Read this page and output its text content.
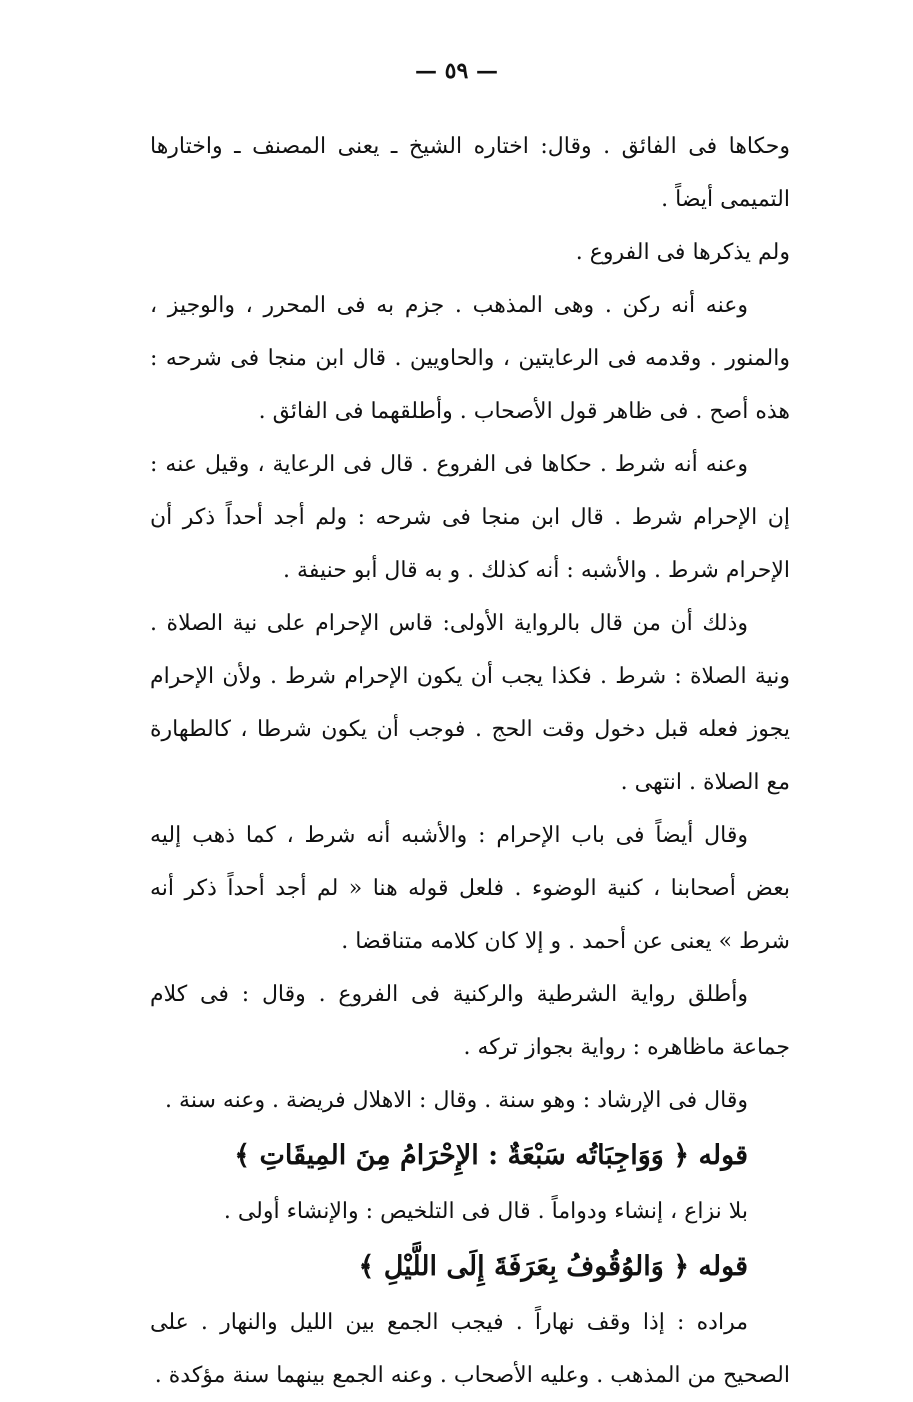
— ٥٩ —

وحكاها فى الفائق . وقال: اختاره الشيخ ـ يعنى المصنف ـ واختارها التميمى أيضاً .
ولم يذكرها فى الفروع .

وعنه أنه ركن . وهى المذهب . جزم به فى المحرر ، والوجيز ، والمنور . وقدمه فى الرعايتين ، والحاويين . قال ابن منجا فى شرحه : هذه أصح . فى ظاهر قول الأصحاب . وأطلقهما فى الفائق .

وعنه أنه شرط . حكاها فى الفروع . قال فى الرعاية ، وقيل عنه : إن الإحرام شرط . قال ابن منجا فى شرحه : ولم أجد أحداً ذكر أن الإحرام شرط . والأشبه : أنه كذلك . و به قال أبو حنيفة .

وذلك أن من قال بالرواية الأولى: قاس الإحرام على نية الصلاة . ونية الصلاة : شرط . فكذا يجب أن يكون الإحرام شرط . ولأن الإحرام يجوز فعله قبل دخول وقت الحج . فوجب أن يكون شرطا ، كالطهارة مع الصلاة . انتهى .

وقال أيضاً فى باب الإحرام : والأشبه أنه شرط ، كما ذهب إليه بعض أصحابنا ، كنية الوضوء . فلعل قوله هنا « لم أجد أحداً ذكر أنه شرط » يعنى عن أحمد . و إلا كان كلامه متناقضا .

وأطلق رواية الشرطية والركنية فى الفروع . وقال : فى كلام جماعة ماظاهره : رواية بجواز تركه .

وقال فى الإرشاد : وهو سنة . وقال : الاهلال فريضة . وعنه سنة .

قوله ﴿ وَوَاجِبَاتُه سَبْعَةٌ : الإِحْرَامُ مِنَ المِيقَاتِ ﴾

بلا نزاع ، إنشاء ودواماً . قال فى التلخيص : والإنشاء أولى .

قوله ﴿ وَالوُقُوفُ بِعَرَفَةَ إِلَى اللَّيْلِ ﴾

مراده : إذا وقف نهاراً . فيجب الجمع بين الليل والنهار . على الصحيح من المذهب . وعليه الأصحاب . وعنه الجمع بينهما سنة مؤكدة .
